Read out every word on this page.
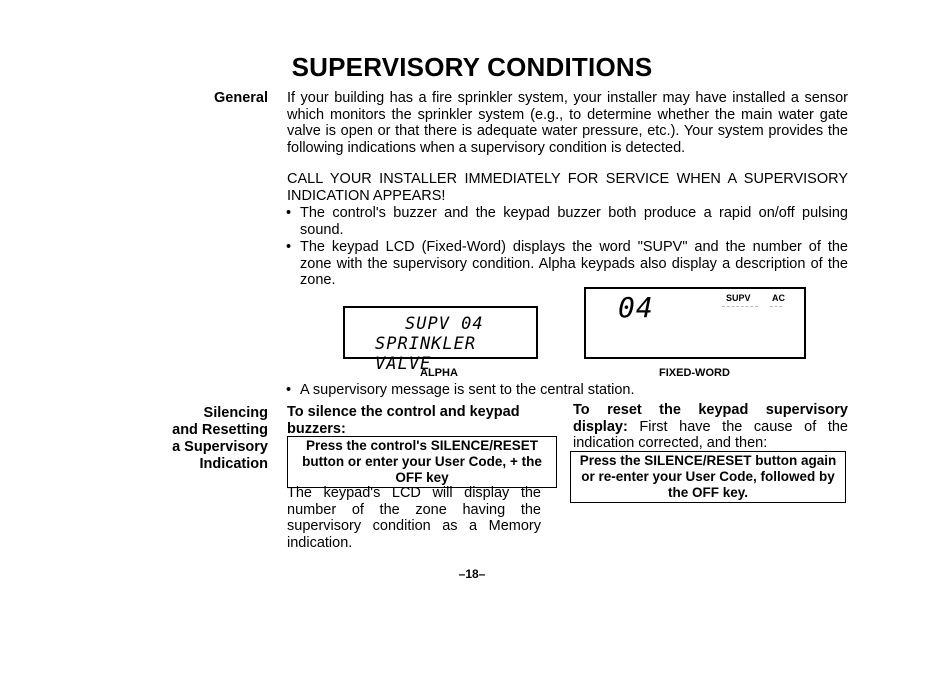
SUPERVISORY CONDITIONS
General If your building has a fire sprinkler system, your installer may have installed a sensor which monitors the sprinkler system (e.g., to determine whether the main water gate valve is open or that there is adequate water pressure, etc.). Your system provides the following indications when a supervisory condition is detected.
CALL YOUR INSTALLER IMMEDIATELY FOR SERVICE WHEN A SUPERVISORY INDICATION APPEARS!
• The control's buzzer and the keypad buzzer both produce a rapid on/off pulsing sound.
• The keypad LCD (Fixed-Word) displays the word "SUPV" and the number of the zone with the supervisory condition. Alpha keypads also display a description of the zone.
SUPV 04
SPRINKLER VALVE
ALPHA
04	SUPV AC
FIXED-WORD
• A supervisory message is sent to the central station.
Silencing
and Resetting
a Supervisory
Indication
To silence the control and keypad buzzers:
Press the control's SILENCE/RESET button or enter your User Code, + the OFF key
The keypad's LCD will display the number of the zone having the supervisory condition as a Memory indication.
To reset the keypad supervisory display: First have the cause of the indication corrected, and then:
Press the SILENCE/RESET button again or re-enter your User Code, followed by the OFF key.
–18–
